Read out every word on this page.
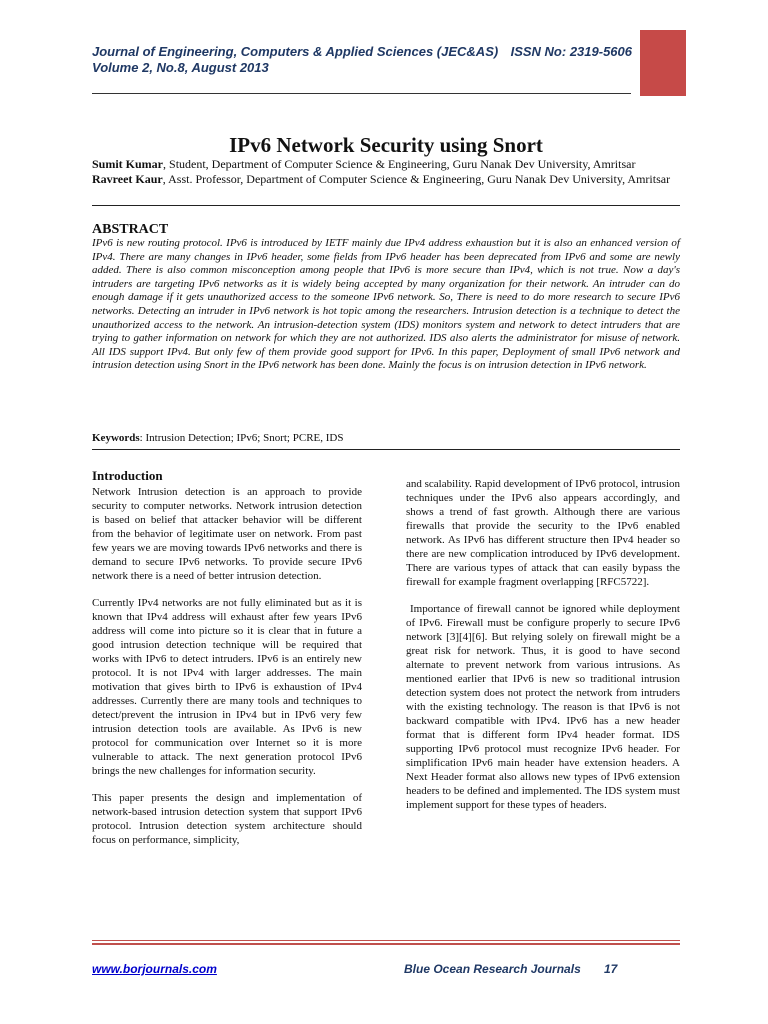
Journal of Engineering, Computers & Applied Sciences (JEC&AS)
Volume 2, No.8, August 2013
ISSN No: 2319-5606
IPv6 Network Security using Snort

Sumit Kumar, Student, Department of Computer Science & Engineering, Guru Nanak Dev University, Amritsar

Ravreet Kaur, Asst. Professor, Department of Computer Science & Engineering, Guru Nanak Dev University, Amritsar

ABSTRACT

IPv6 is new routing protocol. IPv6 is introduced by IETF mainly due IPv4 address exhaustion but it is also an enhanced version of IPv4. There are many changes in IPv6 header, some fields from IPv6 header has been deprecated from IPv6 and some are newly added. There is also common misconception among people that IPv6 is more secure than IPv4, which is not true. Now a day's intruders are targeting IPv6 networks as it is widely being accepted by many organization for their network. An intruder can do enough damage if it gets unauthorized access to the someone IPv6 network. So, There is need to do more research to secure IPv6 networks. Detecting an intruder in IPv6 network is hot topic among the researchers. Intrusion detection is a technique to detect the unauthorized access to the network. An intrusion-detection system (IDS) monitors system and network to detect intruders that are trying to gather information on network for which they are not authorized. IDS also alerts the administrator for misuse of network. All IDS support IPv4. But only few of them provide good support for IPv6. In this paper, Deployment of small IPv6 network and intrusion detection using Snort in the IPv6 network has been done. Mainly the focus is on intrusion detection in IPv6 network.

Keywords: Intrusion Detection; IPv6; Snort; PCRE, IDS
Introduction

Network Intrusion detection is an approach to provide security to computer networks. Network intrusion detection is based on belief that attacker behavior will be different from the behavior of legitimate user on network. From past few years we are moving towards IPv6 networks and there is demand to secure IPv6 networks. To provide secure IPv6 network there is a need of better intrusion detection.

Currently IPv4 networks are not fully eliminated but as it is known that IPv4 address will exhaust after few years IPv6 address will come into picture so it is clear that in future a good intrusion detection technique will be required that works with IPv6 to detect intruders. IPv6 is an entirely new protocol. It is not IPv4 with larger addresses. The main motivation that gives birth to IPv6 is exhaustion of IPv4 addresses. Currently there are many tools and techniques to detect/prevent the intrusion in IPv4 but in IPv6 very few intrusion detection tools are available. As IPv6 is new protocol for communication over Internet so it is more vulnerable to attack. The next generation protocol IPv6 brings the new challenges for information security.

This paper presents the design and implementation of network-based intrusion detection system that support IPv6 protocol. Intrusion detection system architecture should focus on performance, simplicity,

and scalability. Rapid development of IPv6 protocol, intrusion techniques under the IPv6 also appears accordingly, and shows a trend of fast growth. Although there are various firewalls that provide the security to the IPv6 enabled network. As IPv6 has different structure then IPv4 header so there are new complication introduced by IPv6 development. There are various types of attack that can easily bypass the firewall for example fragment overlapping [RFC5722].

Importance of firewall cannot be ignored while deployment of IPv6. Firewall must be configure properly to secure IPv6 network [3][4][6]. But relying solely on firewall might be a great risk for network. Thus, it is good to have second alternate to prevent network from various intrusions. As mentioned earlier that IPv6 is new so traditional intrusion detection system does not protect the network from intruders with the existing technology. The reason is that IPv6 is not backward compatible with IPv4. IPv6 has a new header format that is different form IPv4 header format. IDS supporting IPv6 protocol must recognize IPv6 header. For simplification IPv6 main header have extension headers. A Next Header format also allows new types of IPv6 extension headers to be defined and implemented. The IDS system must implement support for these types of headers.

www.borjournals.com	Blue Ocean Research Journals 17
